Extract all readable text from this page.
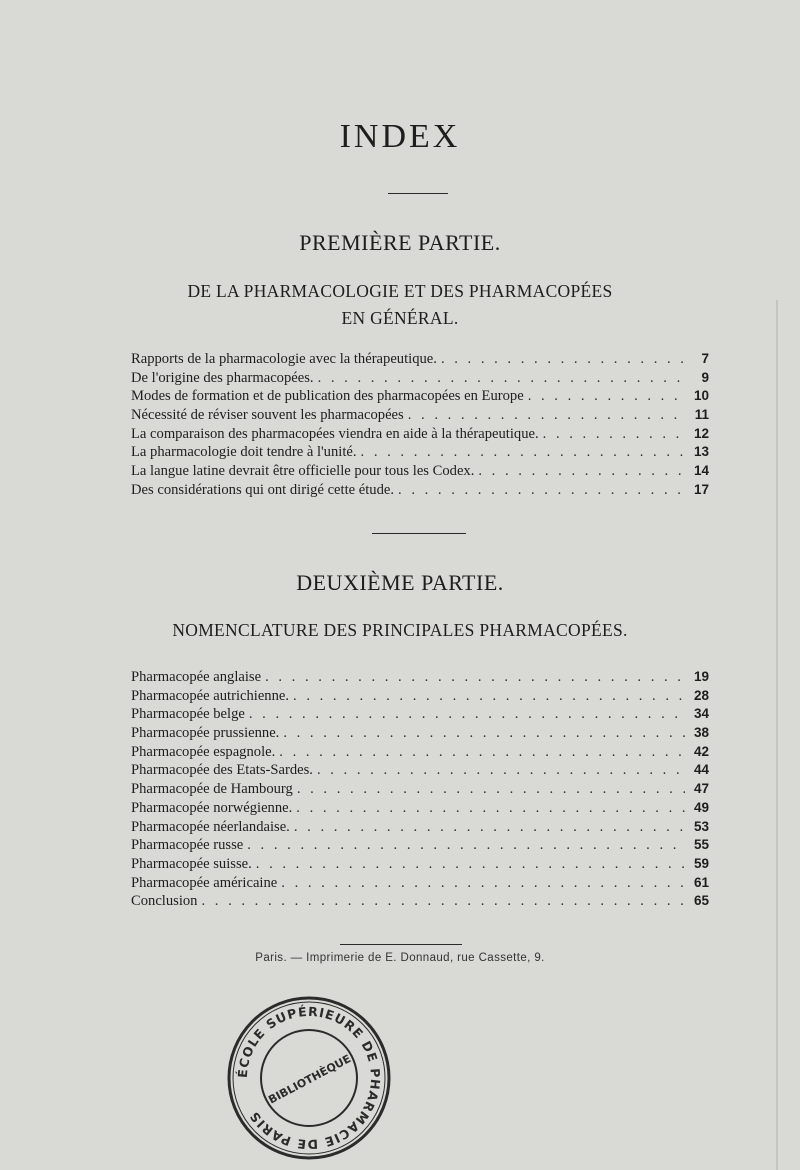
INDEX
PREMIÈRE PARTIE.
DE LA PHARMACOLOGIE ET DES PHARMACOPÉES
EN GÉNÉRAL.
Rapports de la pharmacologie avec la thérapeutique. . . .	7
De l'origine des pharmacopées. . . .	9
Modes de formation et de publication des pharmacopées en Europe . . .	10
Nécessité de réviser souvent les pharmacopées . . .	11
La comparaison des pharmacopées viendra en aide à la thérapeutique. . . .	12
La pharmacologie doit tendre à l'unité. . . .	13
La langue latine devrait être officielle pour tous les Codex. . . .	14
Des considérations qui ont dirigé cette étude. . . .	17
DEUXIÈME PARTIE.
NOMENCLATURE DES PRINCIPALES PHARMACOPÉES.
Pharmacopée anglaise . . .	19
Pharmacopée autrichienne. . . .	28
Pharmacopée belge . . .	34
Pharmacopée prussienne. . . .	38
Pharmacopée espagnole. . . .	42
Pharmacopée des Etats-Sardes. . . .	44
Pharmacopée de Hambourg . . .	47
Pharmacopée norwégienne. . . .	49
Pharmacopée néerlandaise. . . .	53
Pharmacopée russe . . .	55
Pharmacopée suisse. . . .	59
Pharmacopée américaine . . .	61
Conclusion . . .	65
Paris. — Imprimerie de E. Donnaud, rue Cassette, 9.
ÉCOLE SUPÉRIEURE DE PHARMACIE DE PARIS
BIBLIOTHÈQUE
